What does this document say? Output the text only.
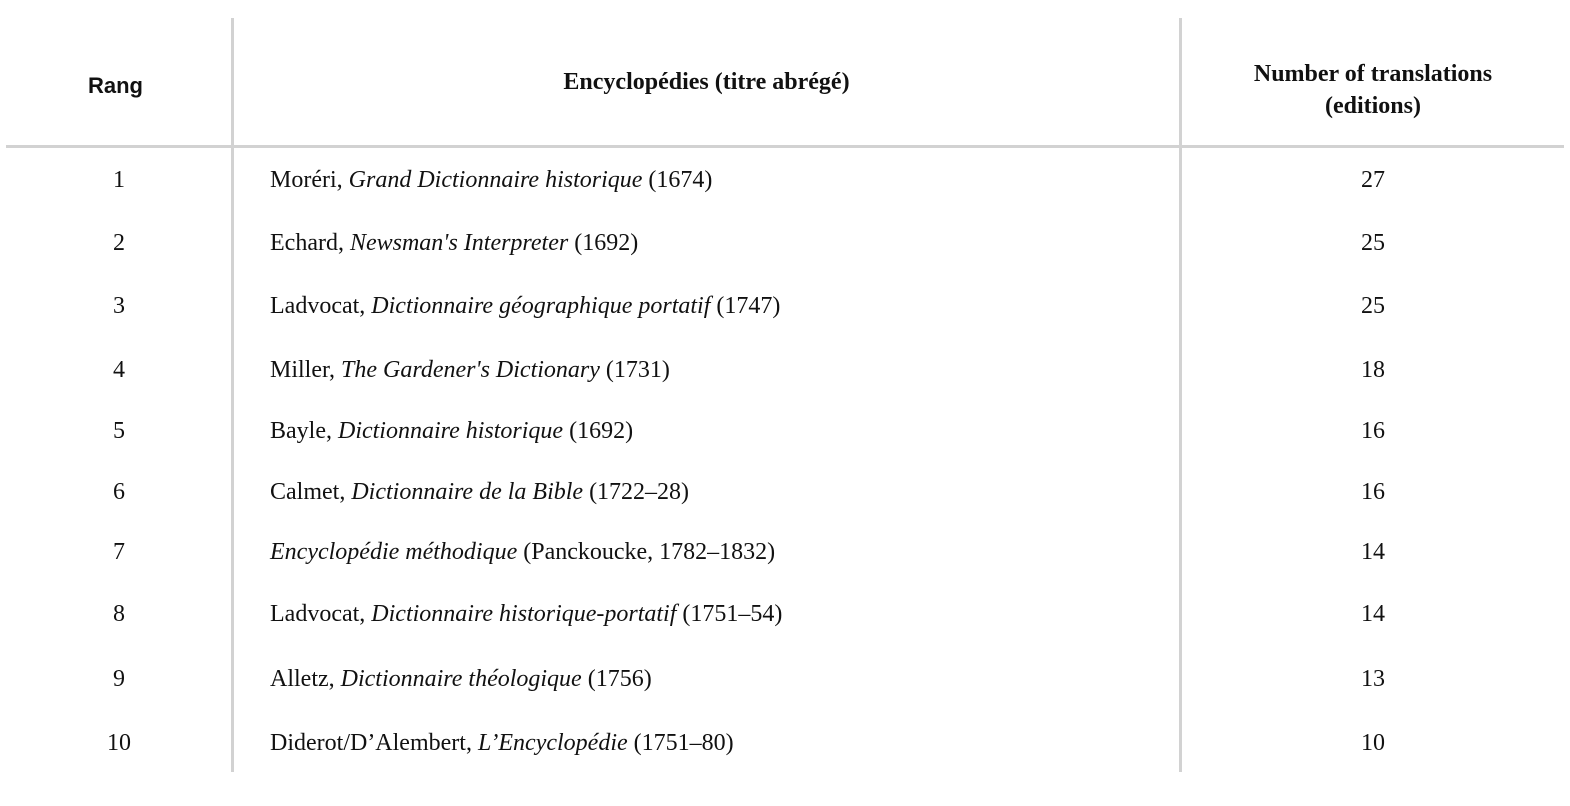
Rang	Encyclopédies (titre abrégé)	Number of translations
(editions)
1	Moréri, Grand Dictionnaire historique (1674)	27
2	Echard, Newsman's Interpreter (1692)	25
3	Ladvocat, Dictionnaire géographique portatif (1747)	25
4	Miller, The Gardener's Dictionary (1731)	18
5	Bayle, Dictionnaire historique (1692)	16
6	Calmet, Dictionnaire de la Bible (1722–28)	16
7	Encyclopédie méthodique (Panckoucke, 1782–1832)	14
8	Ladvocat, Dictionnaire historique-portatif (1751–54)	14
9	Alletz, Dictionnaire théologique (1756)	13
10	Diderot/D’Alembert, L’Encyclopédie (1751–80)	10
